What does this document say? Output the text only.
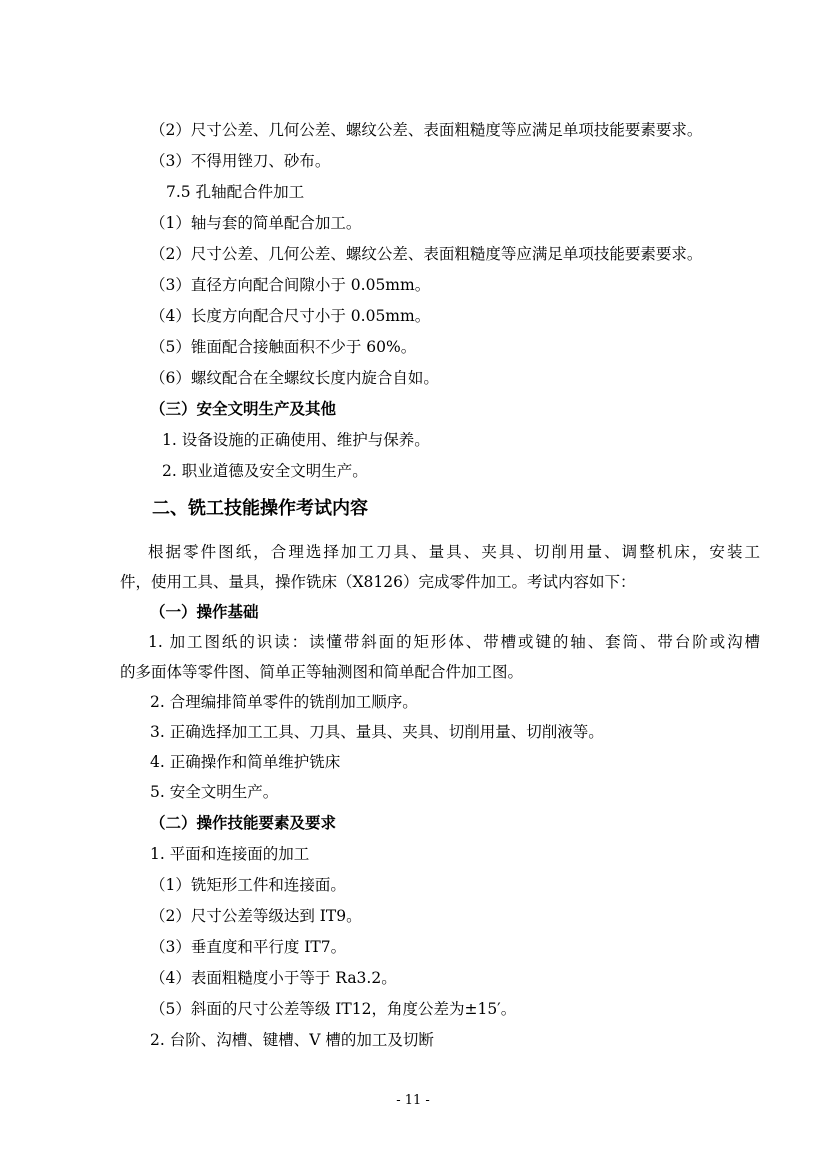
（2）尺寸公差、几何公差、螺纹公差、表面粗糙度等应满足单项技能要素要求。
（3）不得用锉刀、砂布。
7.5 孔轴配合件加工
（1）轴与套的简单配合加工。
（2）尺寸公差、几何公差、螺纹公差、表面粗糙度等应满足单项技能要素要求。
（3）直径方向配合间隙小于 0.05mm。
（4）长度方向配合尺寸小于 0.05mm。
（5）锥面配合接触面积不少于 60%。
（6）螺纹配合在全螺纹长度内旋合自如。
（三）安全文明生产及其他
1. 设备设施的正确使用、维护与保养。
2. 职业道德及安全文明生产。
二、铣工技能操作考试内容
根据零件图纸，合理选择加工刀具、量具、夹具、切削用量、调整机床，安装工
件，使用工具、量具，操作铣床（X8126）完成零件加工。考试内容如下：
（一）操作基础
1. 加工图纸的识读：读懂带斜面的矩形体、带槽或键的轴、套筒、带台阶或沟槽
的多面体等零件图、简单正等轴测图和简单配合件加工图。
2. 合理编排简单零件的铣削加工顺序。
3. 正确选择加工工具、刀具、量具、夹具、切削用量、切削液等。
4. 正确操作和简单维护铣床
5. 安全文明生产。
（二）操作技能要素及要求
1. 平面和连接面的加工
（1）铣矩形工件和连接面。
（2）尺寸公差等级达到 IT9。
（3）垂直度和平行度 IT7。
（4）表面粗糙度小于等于 Ra3.2。
（5）斜面的尺寸公差等级 IT12，角度公差为±15′。
2. 台阶、沟槽、键槽、V 槽的加工及切断
- 11 -
